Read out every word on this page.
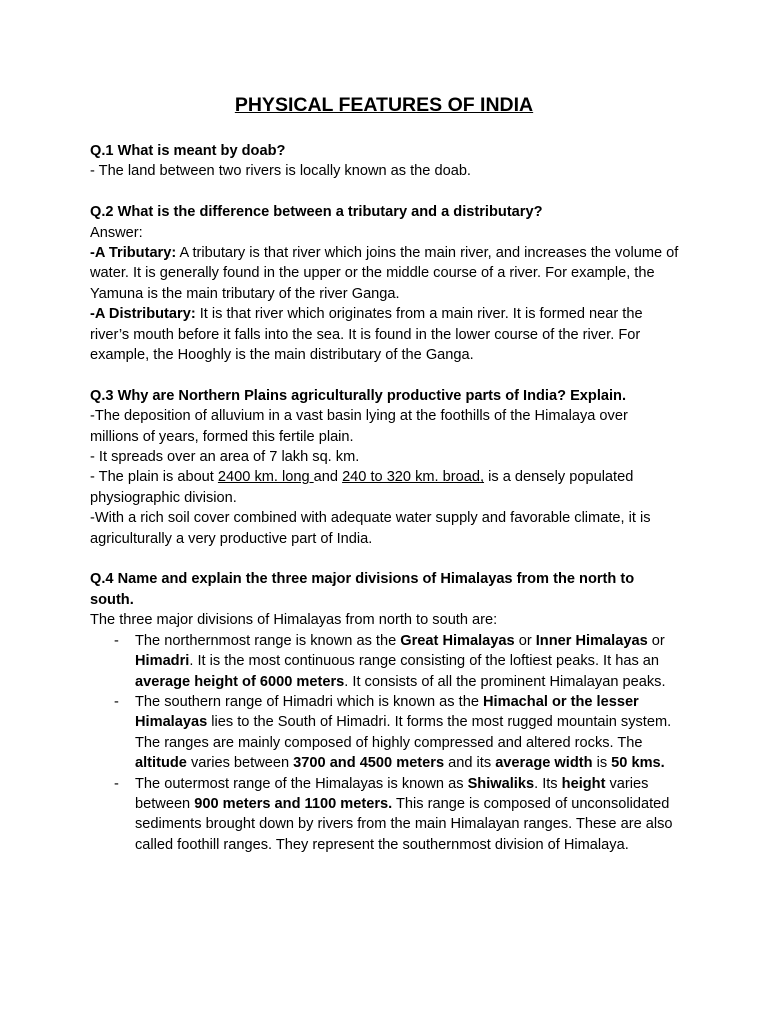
PHYSICAL FEATURES OF INDIA

Q.1 What is meant by doab?

- The land between two rivers is locally known as the doab.

Q.2 What is the difference between a tributary and a distributary?

Answer:

-A Tributary: A tributary is that river which joins the main river, and increases the volume of water. It is generally found in the upper or the middle course of a river. For example, the Yamuna is the main tributary of the river Ganga.

-A Distributary: It is that river which originates from a main river. It is formed near the river’s mouth before it falls into the sea. It is found in the lower course of the river. For example, the Hooghly is the main distributary of the Ganga.

Q.3 Why are Northern Plains agriculturally productive parts of India? Explain.

-The deposition of alluvium in a vast basin lying at the foothills of the Himalaya over millions of years, formed this fertile plain.

- It spreads over an area of 7 lakh sq. km.

- The plain is about 2400 km. long and 240 to 320 km. broad, is a densely populated physiographic division.

-With a rich soil cover combined with adequate water supply and favorable climate, it is agriculturally a very productive part of India.

Q.4 Name and explain the three major divisions of Himalayas from the north to south.

The three major divisions of Himalayas from north to south are:

- The northernmost range is known as the Great Himalayas or Inner Himalayas or Himadri. It is the most continuous range consisting of the loftiest peaks. It has an average height of 6000 meters. It consists of all the prominent Himalayan peaks.
- The southern range of Himadri which is known as the Himachal or the lesser Himalayas lies to the South of Himadri. It forms the most rugged mountain system. The ranges are mainly composed of highly compressed and altered rocks. The altitude varies between 3700 and 4500 meters and its average width is 50 kms.
- The outermost range of the Himalayas is known as Shiwaliks. Its height varies between 900 meters and 1100 meters. This range is composed of unconsolidated sediments brought down by rivers from the main Himalayan ranges. These are also called foothill ranges. They represent the southernmost division of Himalaya.
